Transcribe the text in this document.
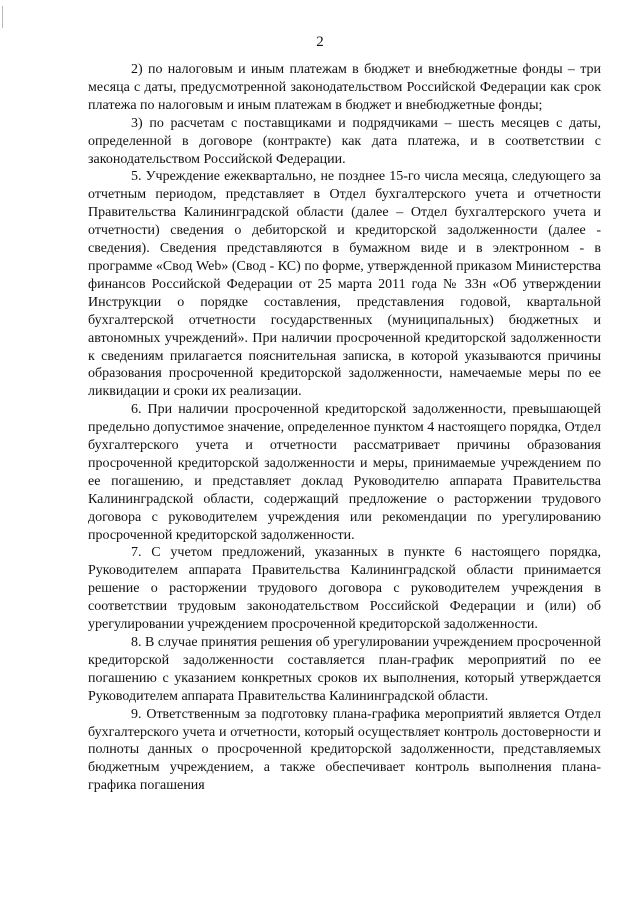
2

2) по налоговым и иным платежам в бюджет и внебюджетные фонды – три месяца с даты, предусмотренной законодательством Российской Федерации как срок платежа по налоговым и иным платежам в бюджет и внебюджетные фонды;

3) по расчетам с поставщиками и подрядчиками – шесть месяцев с даты, определенной в договоре (контракте) как дата платежа, и в соответствии с законодательством Российской Федерации.

5. Учреждение ежеквартально, не позднее 15-го числа месяца, следующего за отчетным периодом, представляет в Отдел бухгалтерского учета и отчетности Правительства Калининградской области (далее – Отдел бухгалтерского учета и отчетности) сведения о дебиторской и кредиторской задолженности (далее - сведения). Сведения представляются в бумажном виде и в электронном - в программе «Свод Web» (Свод - КС) по форме, утвержденной приказом Министерства финансов Российской Федерации от 25 марта 2011 года № 33н «Об утверждении Инструкции о порядке составления, представления годовой, квартальной бухгалтерской отчетности государственных (муниципальных) бюджетных и автономных учреждений». При наличии просроченной кредиторской задолженности к сведениям прилагается пояснительная записка, в которой указываются причины образования просроченной кредиторской задолженности, намечаемые меры по ее ликвидации и сроки их реализации.

6. При наличии просроченной кредиторской задолженности, превышающей предельно допустимое значение, определенное пунктом 4 настоящего порядка, Отдел бухгалтерского учета и отчетности рассматривает причины образования просроченной кредиторской задолженности и меры, принимаемые учреждением по ее погашению, и представляет доклад Руководителю аппарата Правительства Калининградской области, содержащий предложение о расторжении трудового договора с руководителем учреждения или рекомендации по урегулированию просроченной кредиторской задолженности.

7. С учетом предложений, указанных в пункте 6 настоящего порядка, Руководителем аппарата Правительства Калининградской области принимается решение о расторжении трудового договора с руководителем учреждения в соответствии трудовым законодательством Российской Федерации и (или) об урегулировании учреждением просроченной кредиторской задолженности.

8. В случае принятия решения об урегулировании учреждением просроченной кредиторской задолженности составляется план-график мероприятий по ее погашению с указанием конкретных сроков их выполнения, который утверждается Руководителем аппарата Правительства Калининградской области.

9. Ответственным за подготовку плана-графика мероприятий является Отдел бухгалтерского учета и отчетности, который осуществляет контроль достоверности и полноты данных о просроченной кредиторской задолженности, представляемых бюджетным учреждением, а также обеспечивает контроль выполнения плана-графика погашения
